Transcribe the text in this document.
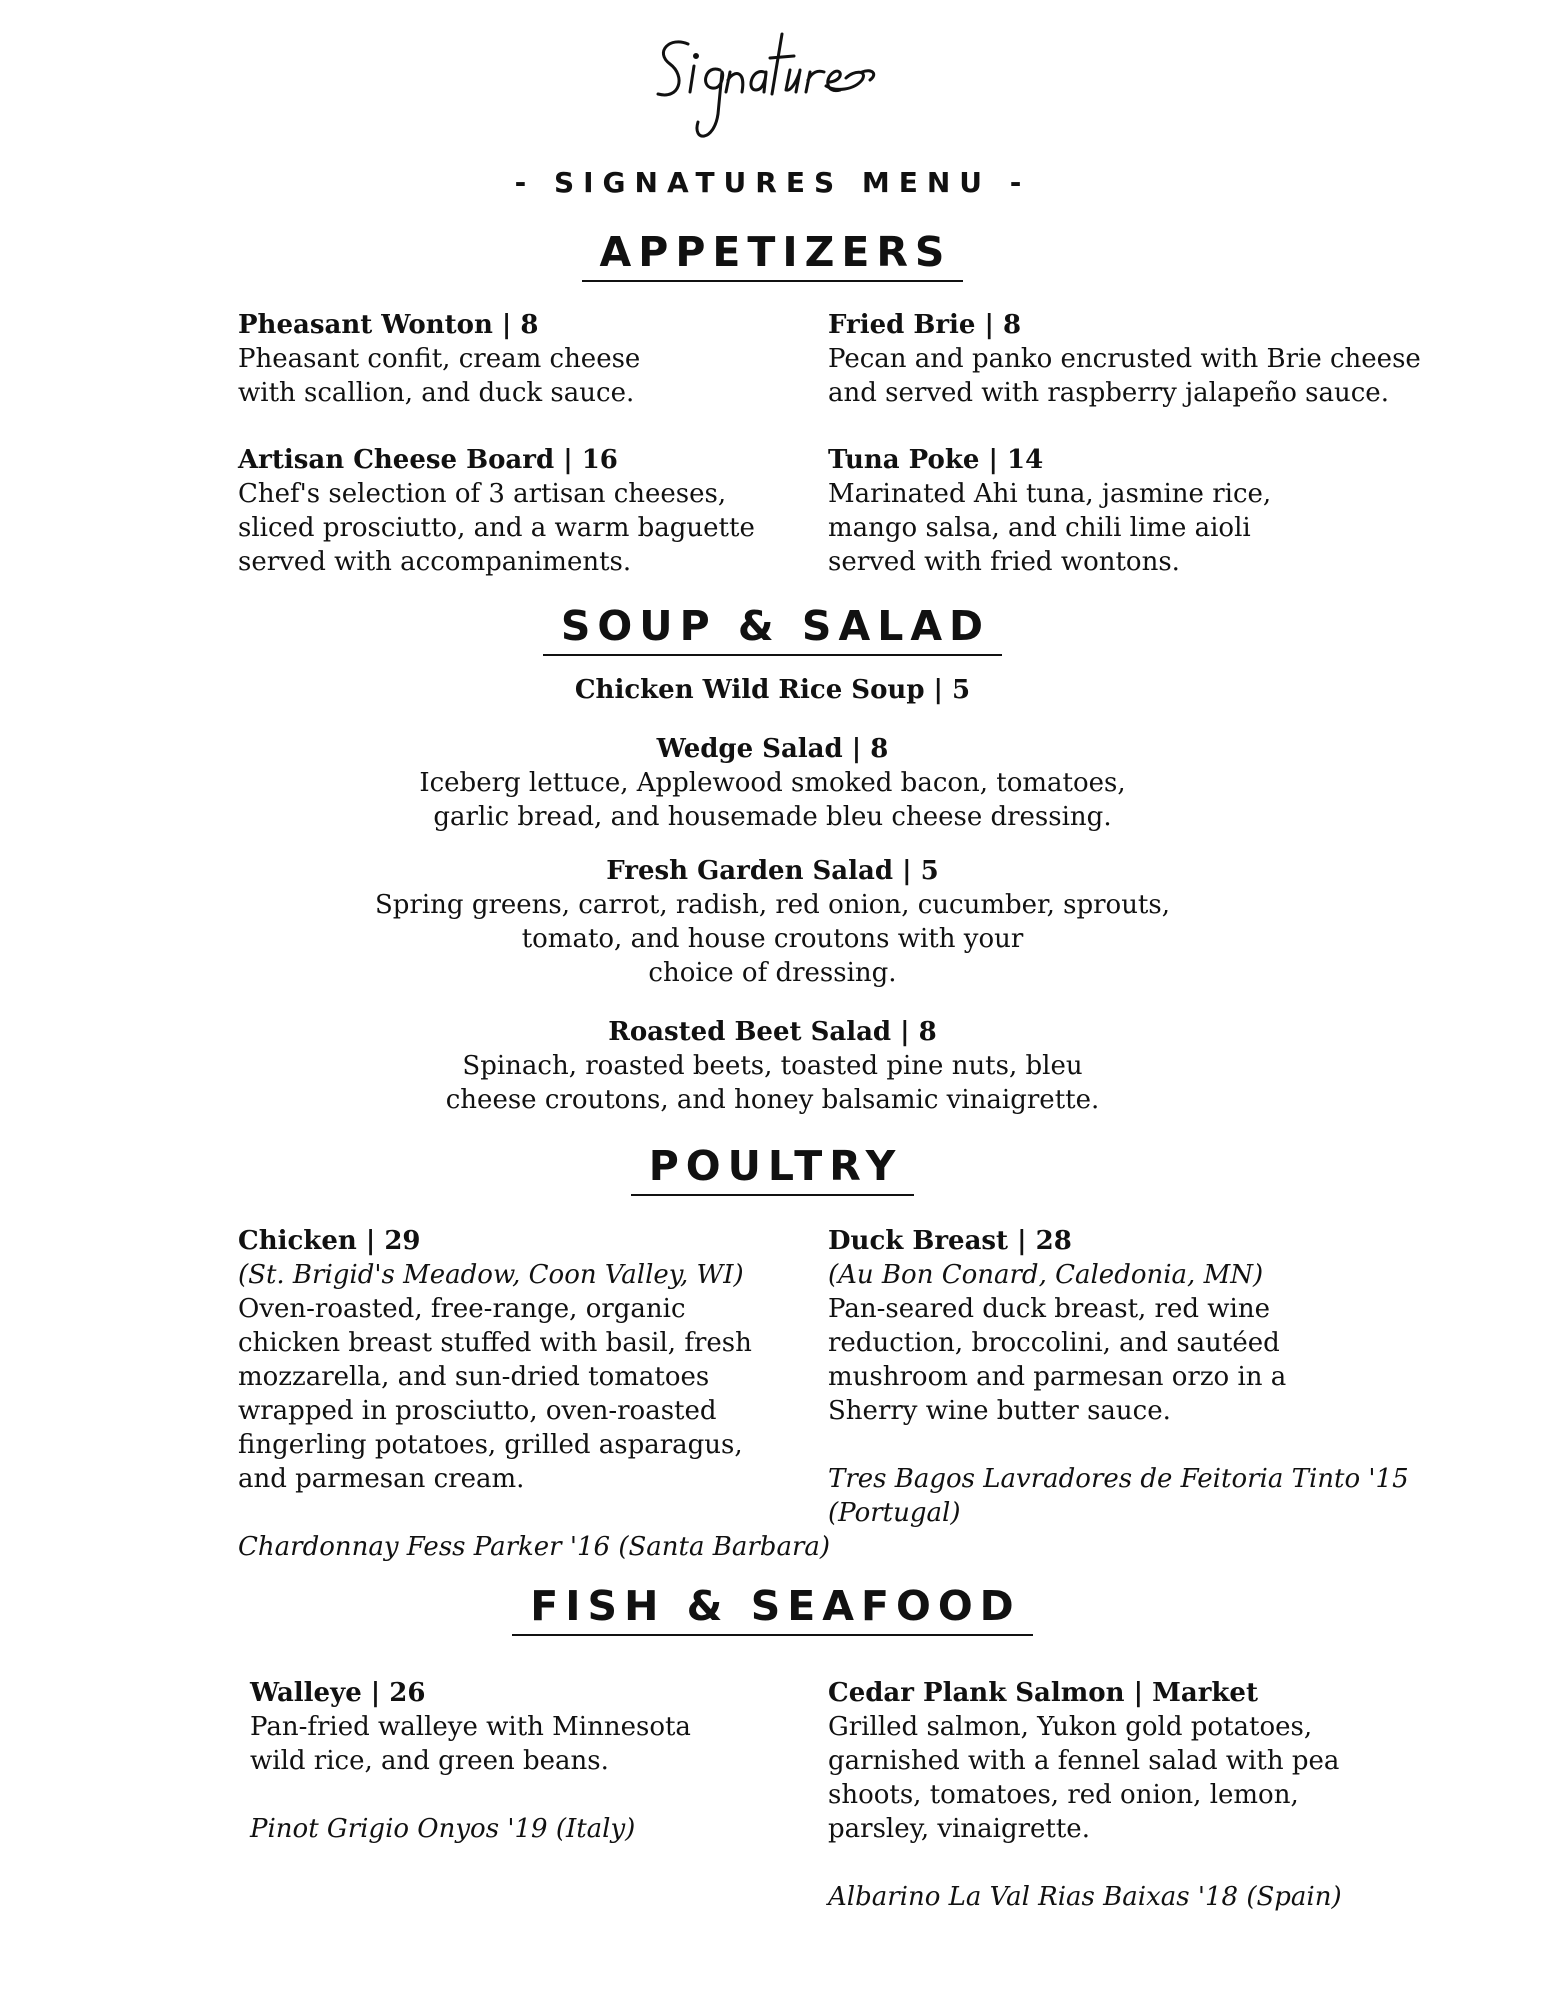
- SIGNATURES MENU -
APPETIZERS
Pheasant Wonton | 8
Pheasant confit, cream cheese
with scallion, and duck sauce.
Fried Brie | 8
Pecan and panko encrusted with Brie cheese
and served with raspberry jalapeño sauce.
Artisan Cheese Board | 16
Chef's selection of 3 artisan cheeses,
sliced prosciutto, and a warm baguette
served with accompaniments.
Tuna Poke | 14
Marinated Ahi tuna, jasmine rice,
mango salsa, and chili lime aioli
served with fried wontons.
SOUP & SALAD
Chicken Wild Rice Soup | 5
Wedge Salad | 8
Iceberg lettuce, Applewood smoked bacon, tomatoes,
garlic bread, and housemade bleu cheese dressing.
Fresh Garden Salad | 5
Spring greens, carrot, radish, red onion, cucumber, sprouts,
tomato, and house croutons with your
choice of dressing.
Roasted Beet Salad | 8
Spinach, roasted beets, toasted pine nuts, bleu
cheese croutons, and honey balsamic vinaigrette.
POULTRY
Chicken | 29
(St. Brigid's Meadow, Coon Valley, WI)
Oven-roasted, free-range, organic
chicken breast stuffed with basil, fresh
mozzarella, and sun-dried tomatoes
wrapped in prosciutto, oven-roasted
fingerling potatoes, grilled asparagus,
and parmesan cream.
Chardonnay Fess Parker '16 (Santa Barbara)
Duck Breast | 28
(Au Bon Conard, Caledonia, MN)
Pan-seared duck breast, red wine
reduction, broccolini, and sautéed
mushroom and parmesan orzo in a
Sherry wine butter sauce.
Tres Bagos Lavradores de Feitoria Tinto '15
(Portugal)
FISH & SEAFOOD
Walleye | 26
Pan-fried walleye with Minnesota
wild rice, and green beans.
Pinot Grigio Onyos '19 (Italy)
Cedar Plank Salmon | Market
Grilled salmon, Yukon gold potatoes,
garnished with a fennel salad with pea
shoots, tomatoes, red onion, lemon,
parsley, vinaigrette.
Albarino La Val Rias Baixas '18 (Spain)
